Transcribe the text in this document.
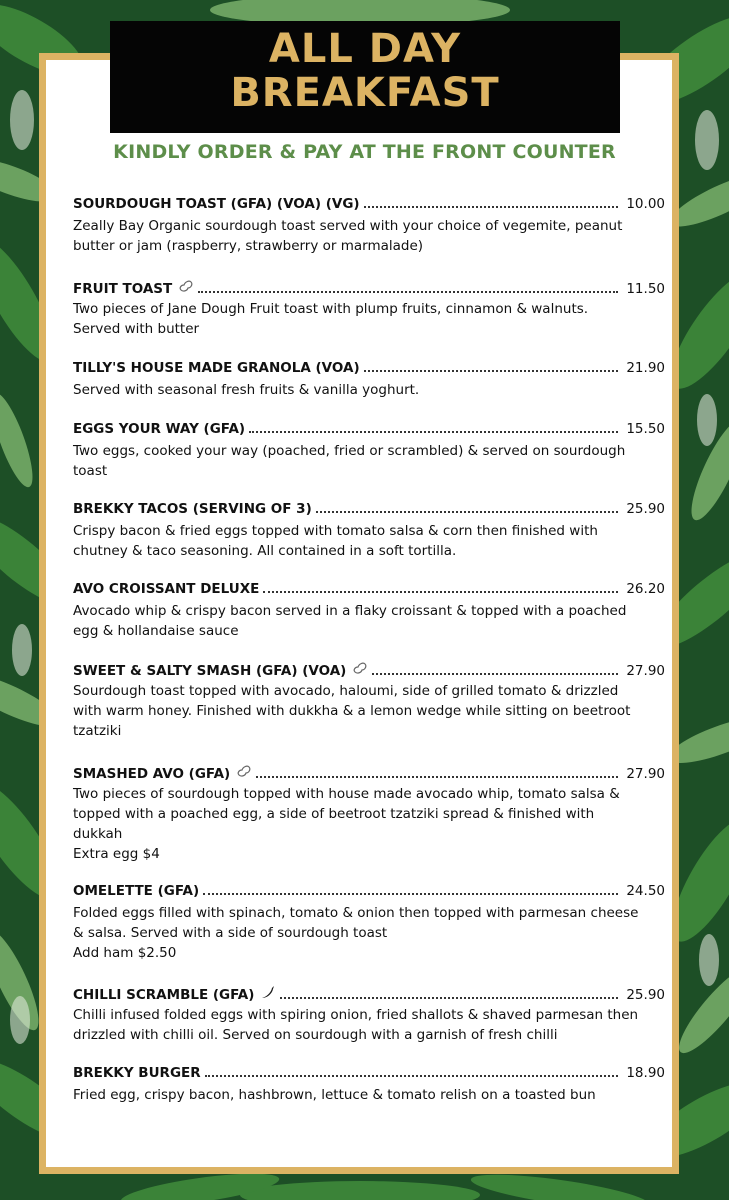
ALL DAY
BREAKFAST
KINDLY ORDER & PAY AT THE FRONT COUNTER
SOURDOUGH TOAST (GFA) (VOA) (VG)	10.00
Zeally Bay Organic sourdough toast served with your choice of vegemite, peanut
butter or jam (raspberry, strawberry or marmalade)
FRUIT TOAST	11.50
Two pieces of Jane Dough Fruit toast with plump fruits, cinnamon & walnuts.
Served with butter
TILLY'S HOUSE MADE GRANOLA (VOA)	21.90
Served with seasonal fresh fruits & vanilla yoghurt.
EGGS YOUR WAY (GFA)	15.50
Two eggs, cooked your way (poached, fried or scrambled) & served on sourdough
toast
BREKKY TACOS (SERVING OF 3)	25.90
Crispy bacon & fried eggs topped with tomato salsa & corn then finished with
chutney & taco seasoning. All contained in a soft tortilla.
AVO CROISSANT DELUXE	26.20
Avocado whip & crispy bacon served in a flaky croissant & topped with a poached
egg & hollandaise sauce
SWEET & SALTY SMASH (GFA) (VOA)	27.90
Sourdough toast topped with avocado, haloumi, side of grilled tomato & drizzled
with warm honey. Finished with dukkha & a lemon wedge while sitting on beetroot
tzatziki
SMASHED AVO (GFA)	27.90
Two pieces of sourdough topped with house made avocado whip, tomato salsa &
topped with a poached egg, a side of beetroot tzatziki spread & finished with
dukkah
Extra egg $4
OMELETTE (GFA)	24.50
Folded eggs filled with spinach, tomato & onion then topped with parmesan cheese
& salsa. Served with a side of sourdough toast
Add ham $2.50
CHILLI SCRAMBLE (GFA)	25.90
Chilli infused folded eggs with spiring onion, fried shallots & shaved parmesan then
drizzled with chilli oil. Served on sourdough with a garnish of fresh chilli
BREKKY BURGER	18.90
Fried egg, crispy bacon, hashbrown, lettuce & tomato relish on a toasted bun
